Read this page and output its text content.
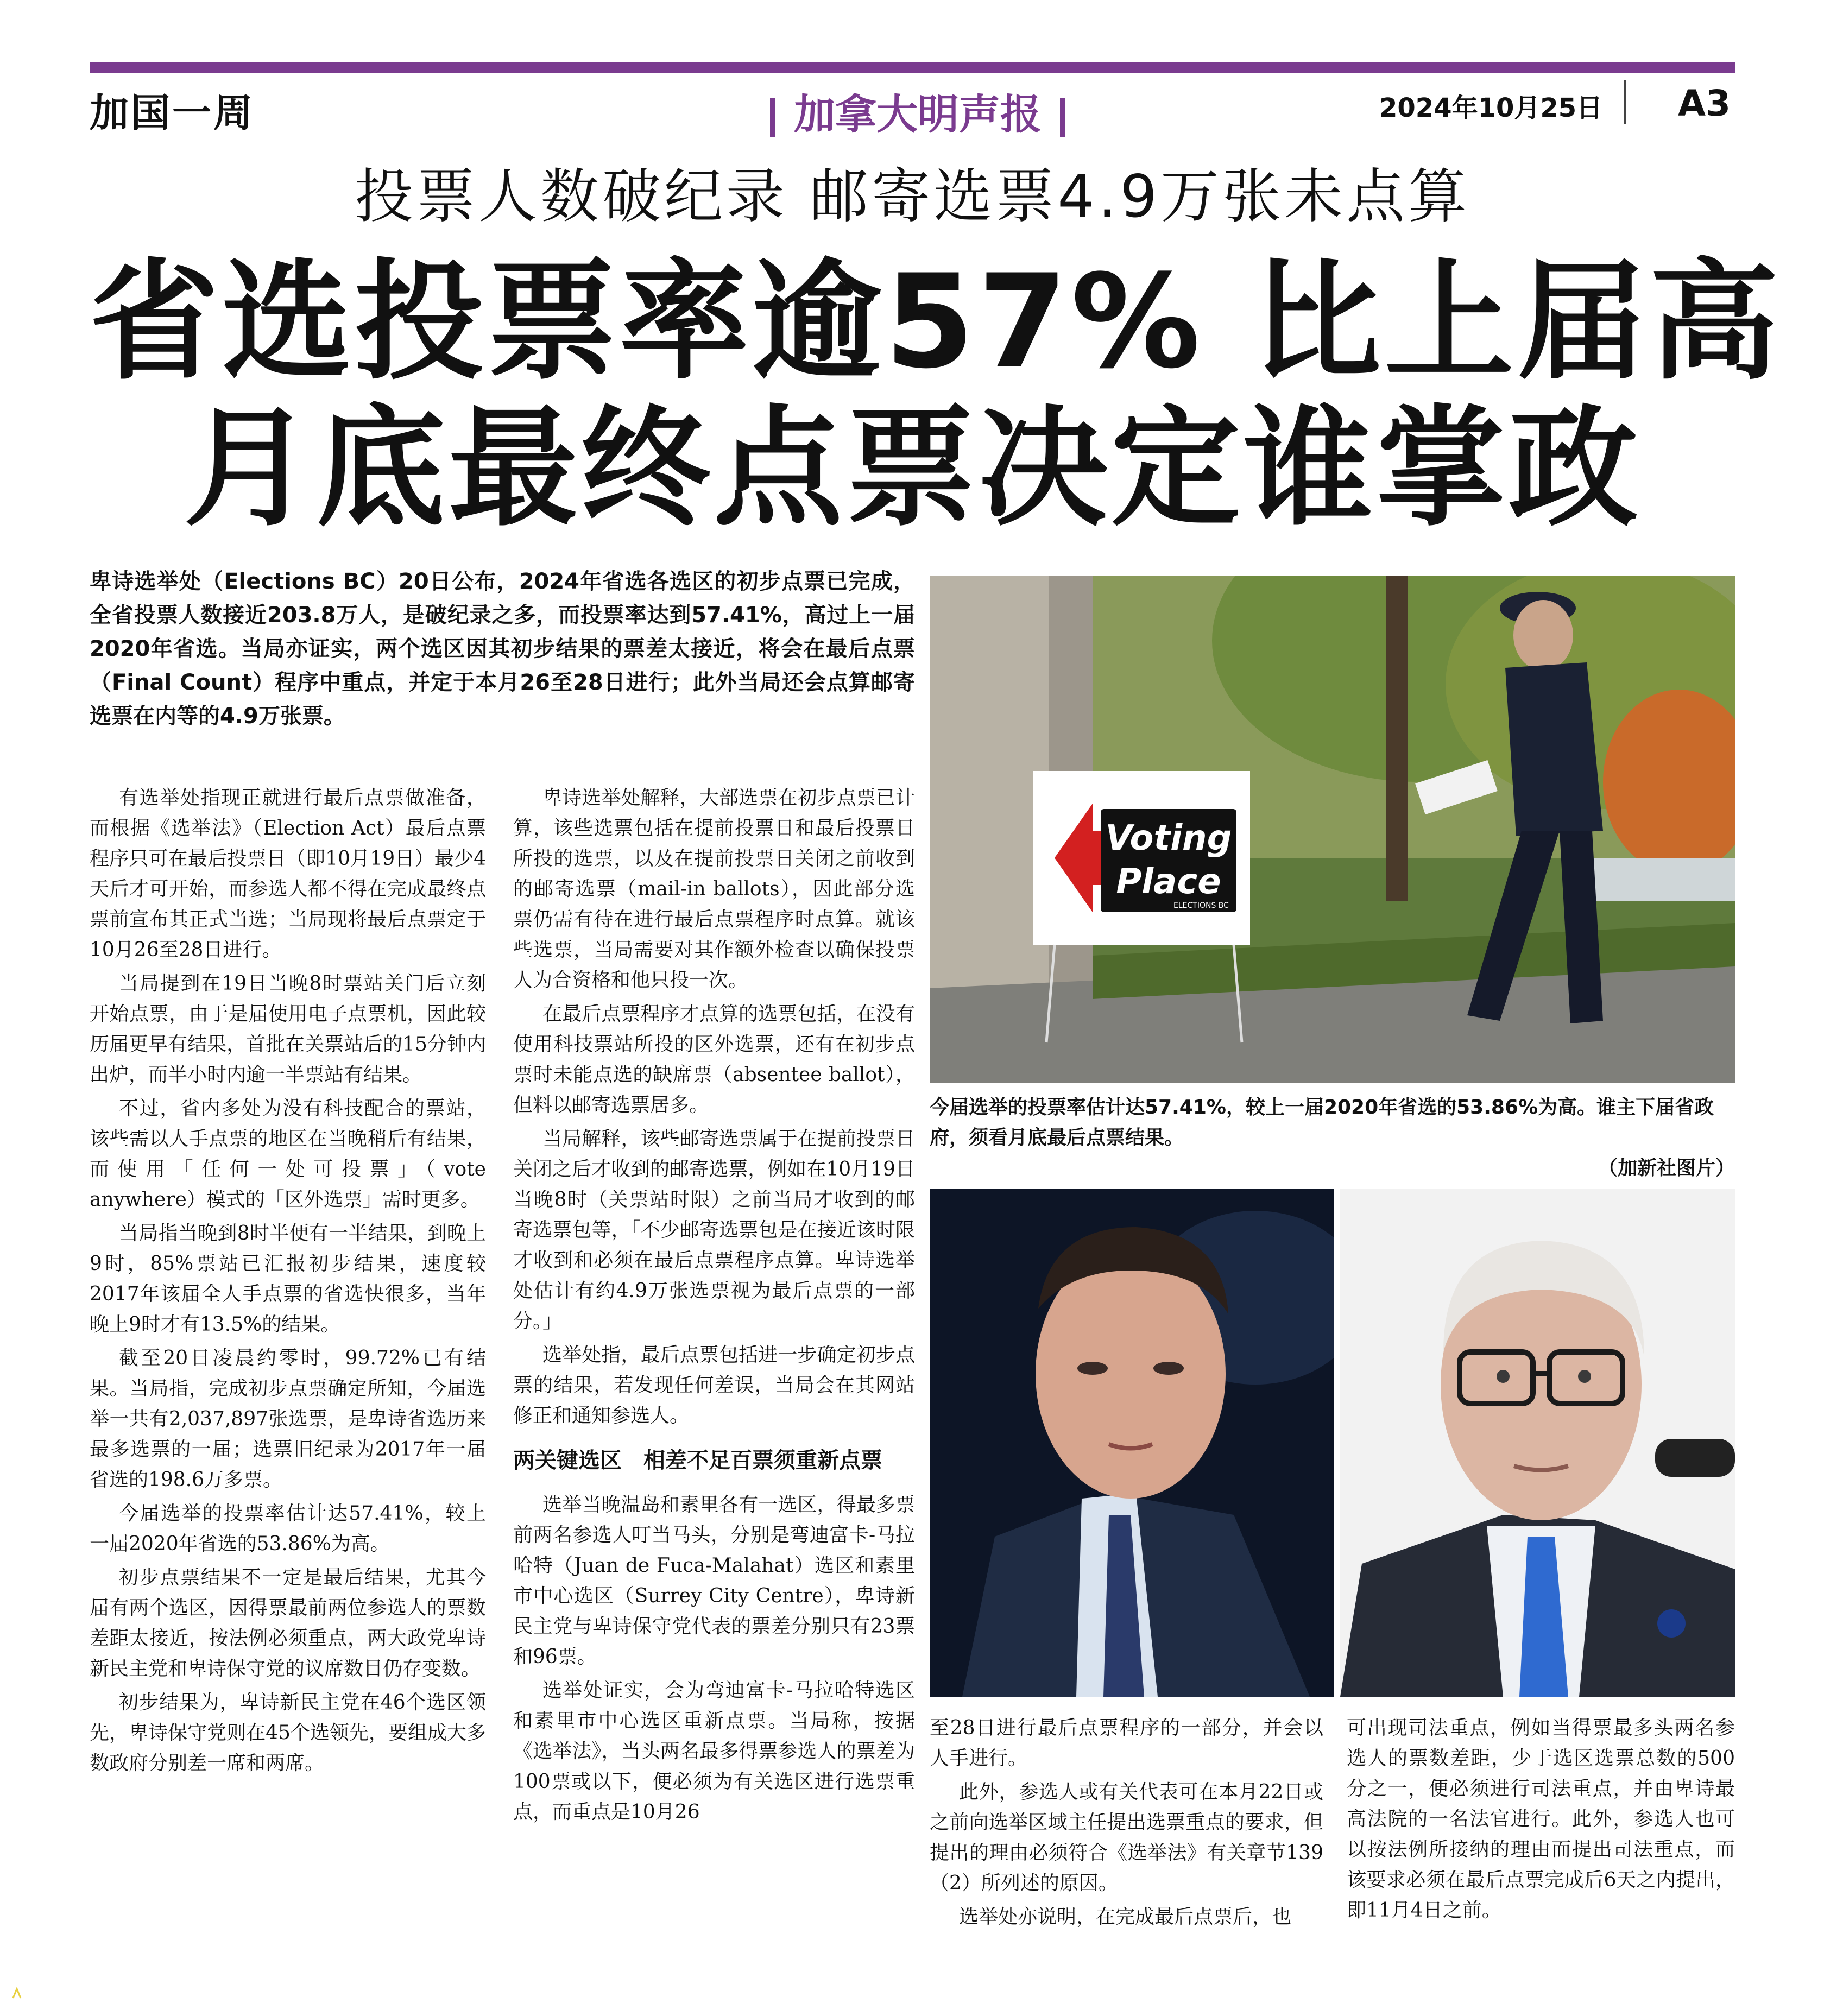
加国一周	加拿大明声报	2024年10月25日 A3
投票人数破纪录 邮寄选票4.9万张未点算
省选投票率逾57% 比上届高
月底最终点票决定谁掌政
卑诗选举处（Elections BC）20日公布，2024年省选各选区的初步点票已完成，全省投票人数接近203.8万人，是破纪录之多，而投票率达到57.41%，高过上一届2020年省选。当局亦证实，两个选区因其初步结果的票差太接近，将会在最后点票（Final Count）程序中重点，并定于本月26至28日进行；此外当局还会点算邮寄选票在内等的4.9万张票。

有选举处指现正就进行最后点票做准备，而根据《选举法》（Election Act）最后点票程序只可在最后投票日（即10月19日）最少4天后才可开始，而参选人都不得在完成最终点票前宣布其正式当选；当局现将最后点票定于10月26至28日进行。

当局提到在19日当晚8时票站关门后立刻开始点票，由于是届使用电子点票机，因此较历届更早有结果，首批在关票站后的15分钟内出炉，而半小时内逾一半票站有结果。

不过，省内多处为没有科技配合的票站，该些需以人手点票的地区在当晚稍后有结果，而使用「任何一处可投票」（vote anywhere）模式的「区外选票」需时更多。

当局指当晚到8时半便有一半结果，到晚上9时，85%票站已汇报初步结果，速度较2017年该届全人手点票的省选快很多，当年晚上9时才有13.5%的结果。

截至20日凌晨约零时，99.72%已有结果。当局指，完成初步点票确定所知，今届选举一共有2,037,897张选票，是卑诗省选历来最多选票的一届；选票旧纪录为2017年一届省选的198.6万多票。

今届选举的投票率估计达57.41%，较上一届2020年省选的53.86%为高。

初步点票结果不一定是最后结果，尤其今届有两个选区，因得票最前两位参选人的票数差距太接近，按法例必须重点，两大政党卑诗新民主党和卑诗保守党的议席数目仍存变数。

初步结果为，卑诗新民主党在46个选区领先，卑诗保守党则在45个选领先，要组成大多数政府分别差一席和两席。

卑诗选举处解释，大部选票在初步点票已计算，该些选票包括在提前投票日和最后投票日所投的选票，以及在提前投票日关闭之前收到的邮寄选票（mail-in ballots），因此部分选票仍需有待在进行最后点票程序时点算。就该些选票，当局需要对其作额外检查以确保投票人为合资格和他只投一次。

在最后点票程序才点算的选票包括，在没有使用科技票站所投的区外选票，还有在初步点票时未能点选的缺席票（absentee ballot），但料以邮寄选票居多。

当局解释，该些邮寄选票属于在提前投票日关闭之后才收到的邮寄选票，例如在10月19日当晚8时（关票站时限）之前当局才收到的邮寄选票包等，「不少邮寄选票包是在接近该时限才收到和必须在最后点票程序点算。卑诗选举处估计有约4.9万张选票视为最后点票的一部分。」

选举处指，最后点票包括进一步确定初步点票的结果，若发现任何差误，当局会在其网站修正和通知参选人。

两关键选区　相差不足百票须重新点票

选举当晚温岛和素里各有一选区，得最多票前两名参选人叮当马头，分别是弯迪富卡-马拉哈特（Juan de Fuca-Malahat）选区和素里市中心选区（Surrey City Centre），卑诗新民主党与卑诗保守党代表的票差分别只有23票和96票。

选举处证实，会为弯迪富卡-马拉哈特选区和素里市中心选区重新点票。当局称，按据《选举法》，当头两名最多得票参选人的票差为100票或以下，便必须为有关选区进行选票重点，而重点是10月26

至28日进行最后点票程序的一部分，并会以人手进行。

此外，参选人或有关代表可在本月22日或之前向选举区域主任提出选票重点的要求，但提出的理由必须符合《选举法》有关章节139（2）所列述的原因。

选举处亦说明，在完成最后点票后，也

可出现司法重点，例如当得票最多头两名参选人的票数差距，少于选区选票总数的500分之一，便必须进行司法重点，并由卑诗最高法院的一名法官进行。此外，参选人也可以按法例所接纳的理由而提出司法重点，而该要求必须在最后点票完成后6天之内提出，即11月4日之前。

Voting
Place
ELECTIONS BC
今届选举的投票率估计达57.41%，较上一届2020年省选的53.86%为高。谁主下届省政府，须看月底最后点票结果。
（加新社图片）
